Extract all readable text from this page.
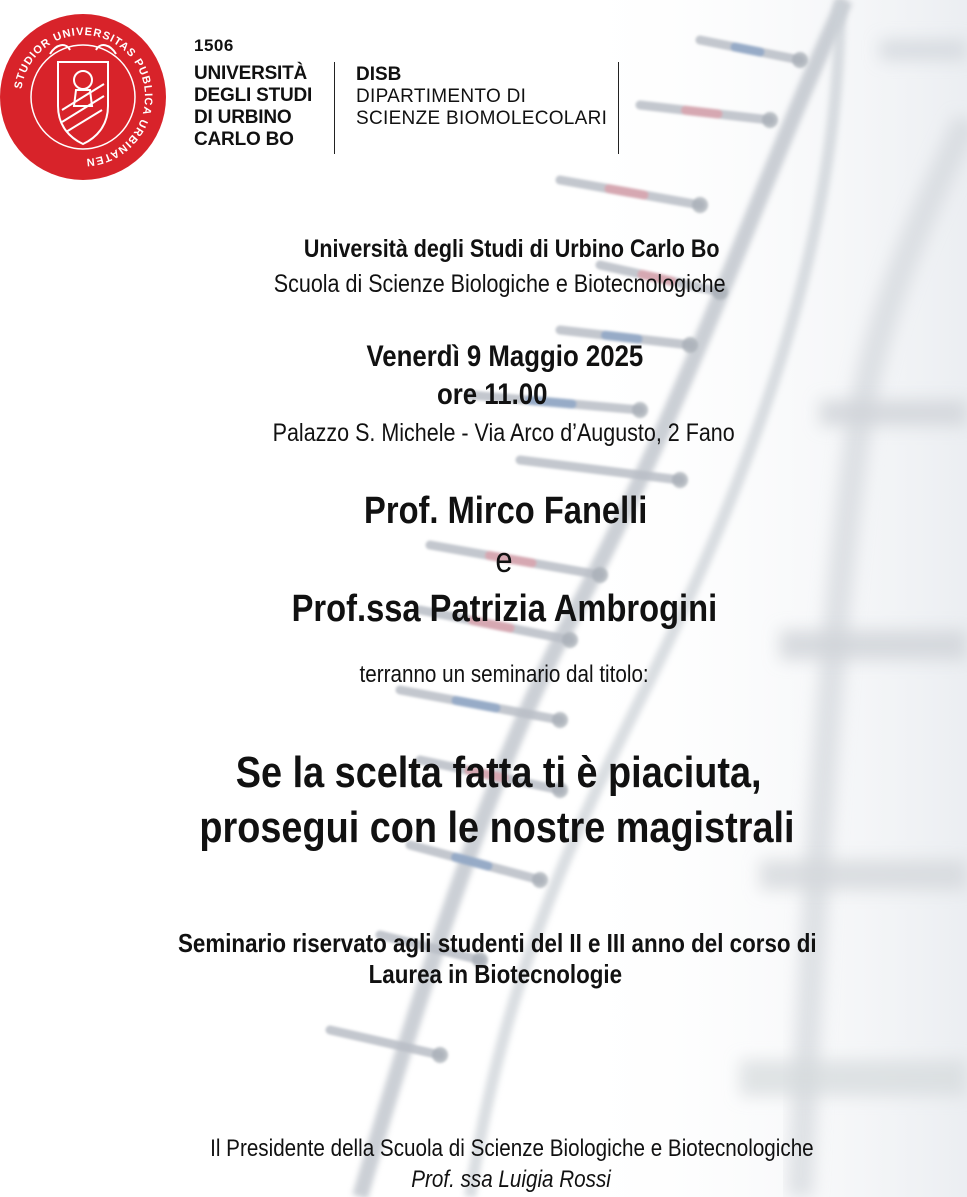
STUDIOR UNIVERSITAS PUBLICA URBINATEN
1506
UNIVERSITÀ
DEGLI STUDI
DI URBINO
CARLO BO
DISB
DIPARTIMENTO DI
SCIENZE BIOMOLECOLARI
Università degli Studi di Urbino Carlo Bo
Scuola di Scienze Biologiche e Biotecnologiche
Venerdì 9 Maggio 2025
ore 11.00
Palazzo S. Michele - Via Arco d’Augusto, 2 Fano
Prof. Mirco Fanelli
e
Prof.ssa Patrizia Ambrogini
terranno un seminario dal titolo:
Se la scelta fatta ti è piaciuta,
prosegui con le nostre magistrali
Seminario riservato agli studenti del II e III anno del corso di
Laurea in Biotecnologie
Il Presidente della Scuola di Scienze Biologiche e Biotecnologiche
Prof. ssa Luigia Rossi
